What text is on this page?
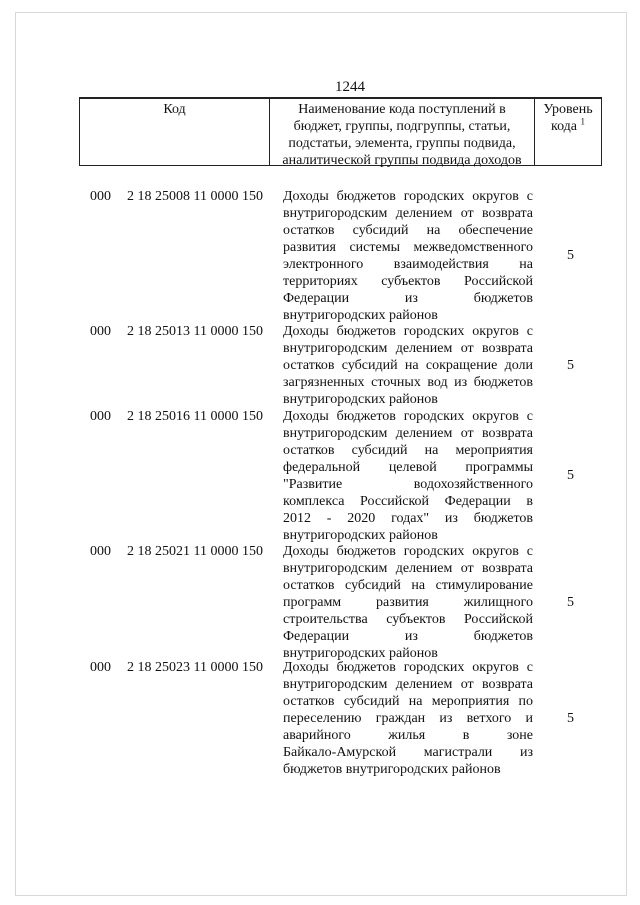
1244
Код	Наименование кода поступлений в
бюджет, группы, подгруппы, статьи,
подстатьи, элемента, группы подвида,
аналитической группы подвида доходов
Уровень
кода $^1$
000 2 18 25008 11 0000 150 Доходы бюджетов городских округов с
внутригородским делением от возврата
остатков субсидий на обеспечение
развития системы межведомственного
электронного взаимодействия на
территориях субъектов Российской
Федерации из бюджетов
внутригородских районов
5
000 2 18 25013 11 0000 150 Доходы бюджетов городских округов с
внутригородским делением от возврата
остатков субсидий на сокращение доли
загрязненных сточных вод из бюджетов
внутригородских районов
5
000 2 18 25016 11 0000 150 Доходы бюджетов городских округов с
внутригородским делением от возврата
остатков субсидий на мероприятия
федеральной целевой программы
"Развитие водохозяйственного
комплекса Российской Федерации в
2012 - 2020 годах" из бюджетов
внутригородских районов
5
000 2 18 25021 11 0000 150 Доходы бюджетов городских округов с
внутригородским делением от возврата
остатков субсидий на стимулирование
программ развития жилищного
строительства субъектов Российской
Федерации из бюджетов
внутригородских районов
5
000 2 18 25023 11 0000 150 Доходы бюджетов городских округов с
внутригородским делением от возврата
остатков субсидий на мероприятия по
переселению граждан из ветхого и
аварийного жилья в зоне
Байкало-Амурской магистрали из
бюджетов внутригородских районов
5
